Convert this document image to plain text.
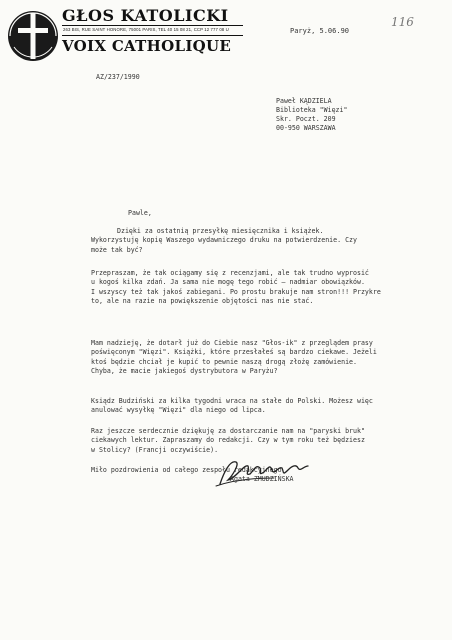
GŁOS KATOLICKI
263 BIS, RUE SAINT HONORE, 75001 PARIS, TEL 40 15 08 21, CCP 12 777 08 U
VOIX CATHOLIQUE
Paryż, 5.06.90
116
AZ/237/1990
Paweł KĄDZIELA
Biblioteka "Więzi"
Skr. Poczt. 209
00-950 WARSZAWA
Pawle,
Dzięki za ostatnią przesyłkę miesięcznika i książek.
Wykorzystuję kopię Waszego wydawniczego druku na potwierdzenie. Czy
może tak być?
Przepraszam, że tak ociągamy się z recenzjami, ale tak trudno wyprosić
u kogoś kilka zdań. Ja sama nie mogę tego robić – nadmiar obowiązków.
I wszyscy też tak jakoś zabiegani. Po prostu brakuje nam stron!!! Przykre
to, ale na razie na powiększenie objętości nas nie stać.
Mam nadzieję, że dotarł już do Ciebie nasz "Głos-ik" z przeglądem prasy
poświęconym "Więzi". Książki, które przesłałeś są bardzo ciekawe. Jeżeli
ktoś będzie chciał je kupić to pewnie naszą drogą złożę zamówienie.
Chyba, że macie jakiegoś dystrybutora w Paryżu?
Ksiądz Budziński za kilka tygodni wraca na stałe do Polski. Możesz więc
anulować wysyłkę "Więzi" dla niego od lipca.
Raz jeszcze serdecznie dziękuję za dostarczanie nam na "paryski bruk"
ciekawych lektur. Zapraszamy do redakcji. Czy w tym roku też będziesz
w Stolicy? (Francji oczywiście).
Miło pozdrowienia od całego zespołu redakcyjnego
Agata ZMUDZIŃSKA
